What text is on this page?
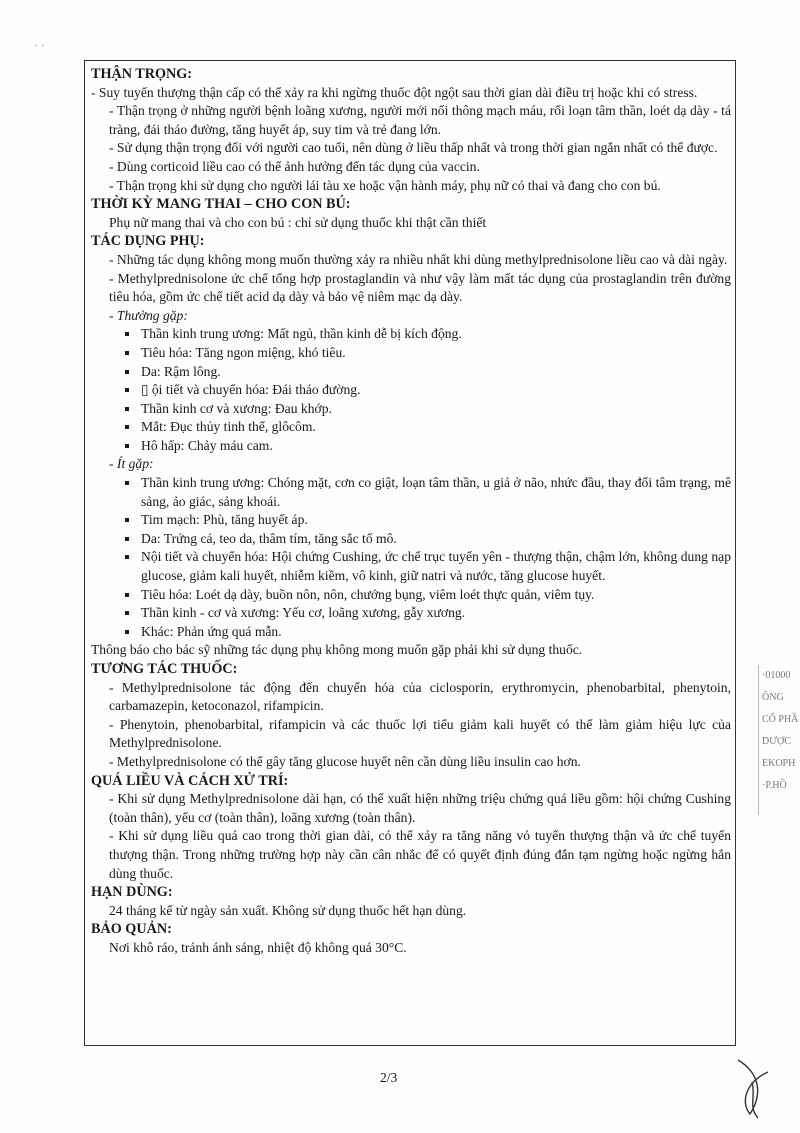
THẬN TRỌNG:

- Suy tuyến thượng thận cấp có thể xảy ra khi ngừng thuốc đột ngột sau thời gian dài điều trị hoặc khi có stress.

- Thận trọng ở những người bệnh loãng xương, người mới nối thông mạch máu, rối loạn tâm thần, loét dạ dày - tá tràng, đái tháo đường, tăng huyết áp, suy tim và trẻ đang lớn.

- Sử dụng thận trọng đối với người cao tuổi, nên dùng ở liều thấp nhất và trong thời gian ngắn nhất có thể được.

- Dùng corticoid liều cao có thể ảnh hưởng đến tác dụng của vaccin.

- Thận trọng khi sử dụng cho người lái tàu xe hoặc vận hành máy, phụ nữ có thai và đang cho con bú.

THỜI KỲ MANG THAI – CHO CON BÚ:

Phụ nữ mang thai và cho con bú : chỉ sử dụng thuốc khi thật cần thiết

TÁC DỤNG PHỤ:

- Những tác dụng không mong muốn thường xảy ra nhiều nhất khi dùng methylprednisolone liều cao và dài ngày.

- Methylprednisolone ức chế tổng hợp prostaglandin và như vậy làm mất tác dụng của prostaglandin trên đường tiêu hóa, gồm ức chế tiết acid dạ dày và bảo vệ niêm mạc dạ dày.

- Thường gặp:
Thần kinh trung ương: Mất ngủ, thần kinh dễ bị kích động.
Tiêu hóa: Tăng ngon miệng, khó tiêu.
Da: Rậm lông.
▯ ội tiết và chuyển hóa: Đái tháo đường.
Thần kinh cơ và xương: Đau khớp.
Mắt: Đục thủy tinh thể, glôcôm.
Hô hấp: Chảy máu cam.
- Ít gặp:
Thần kinh trung ương: Chóng mặt, cơn co giật, loạn tâm thần, u giả ở não, nhức đầu, thay đổi tâm trạng, mê sảng, ảo giác, sảng khoái.
Tim mạch: Phù, tăng huyết áp.
Da: Trứng cá, teo da, thâm tím, tăng sắc tố mô.
Nội tiết và chuyển hóa: Hội chứng Cushing, ức chế trục tuyến yên - thượng thận, chậm lớn, không dung nạp glucose, giảm kali huyết, nhiễm kiềm, vô kinh, giữ natri và nước, tăng glucose huyết.
Tiêu hóa: Loét dạ dày, buồn nôn, nôn, chướng bụng, viêm loét thực quản, viêm tụy.
Thần kinh - cơ và xương: Yếu cơ, loãng xương, gẫy xương.
Khác: Phản ứng quá mẫn.

Thông báo cho bác sỹ những tác dụng phụ không mong muốn gặp phải khi sử dụng thuốc.

TƯƠNG TÁC THUỐC:

- Methylprednisolone tác động đến chuyển hóa của ciclosporin, erythromycin, phenobarbital, phenytoin, carbamazepin, ketoconazol, rifampicin.

- Phenytoin, phenobarbital, rifampicin và các thuốc lợi tiểu giảm kali huyết có thể làm giảm hiệu lực của Methylprednisolone.

- Methylprednisolone có thể gây tăng glucose huyết nên cần dùng liều insulin cao hơn.

QUÁ LIỀU VÀ CÁCH XỬ TRÍ:

- Khi sử dụng Methylprednisolone dài hạn, có thể xuất hiện những triệu chứng quá liều gồm: hội chứng Cushing (toàn thân), yếu cơ (toàn thân), loãng xương (toàn thân).

- Khi sử dụng liều quá cao trong thời gian dài, có thể xảy ra tăng năng vỏ tuyến thượng thận và ức chế tuyến thượng thận. Trong những trường hợp này cần cân nhắc để có quyết định đúng đắn tạm ngừng hoặc ngừng hẳn dùng thuốc.

HẠN DÙNG:

24 tháng kể từ ngày sản xuất. Không sử dụng thuốc hết hạn dùng.

BẢO QUẢN:

Nơi khô ráo, tránh ánh sáng, nhiệt độ không quá 30°C.

2/3
·01000
ÔNG
CỔ PHẦ
DƯỢC
EKOPH
·P.HỒ
· ·
